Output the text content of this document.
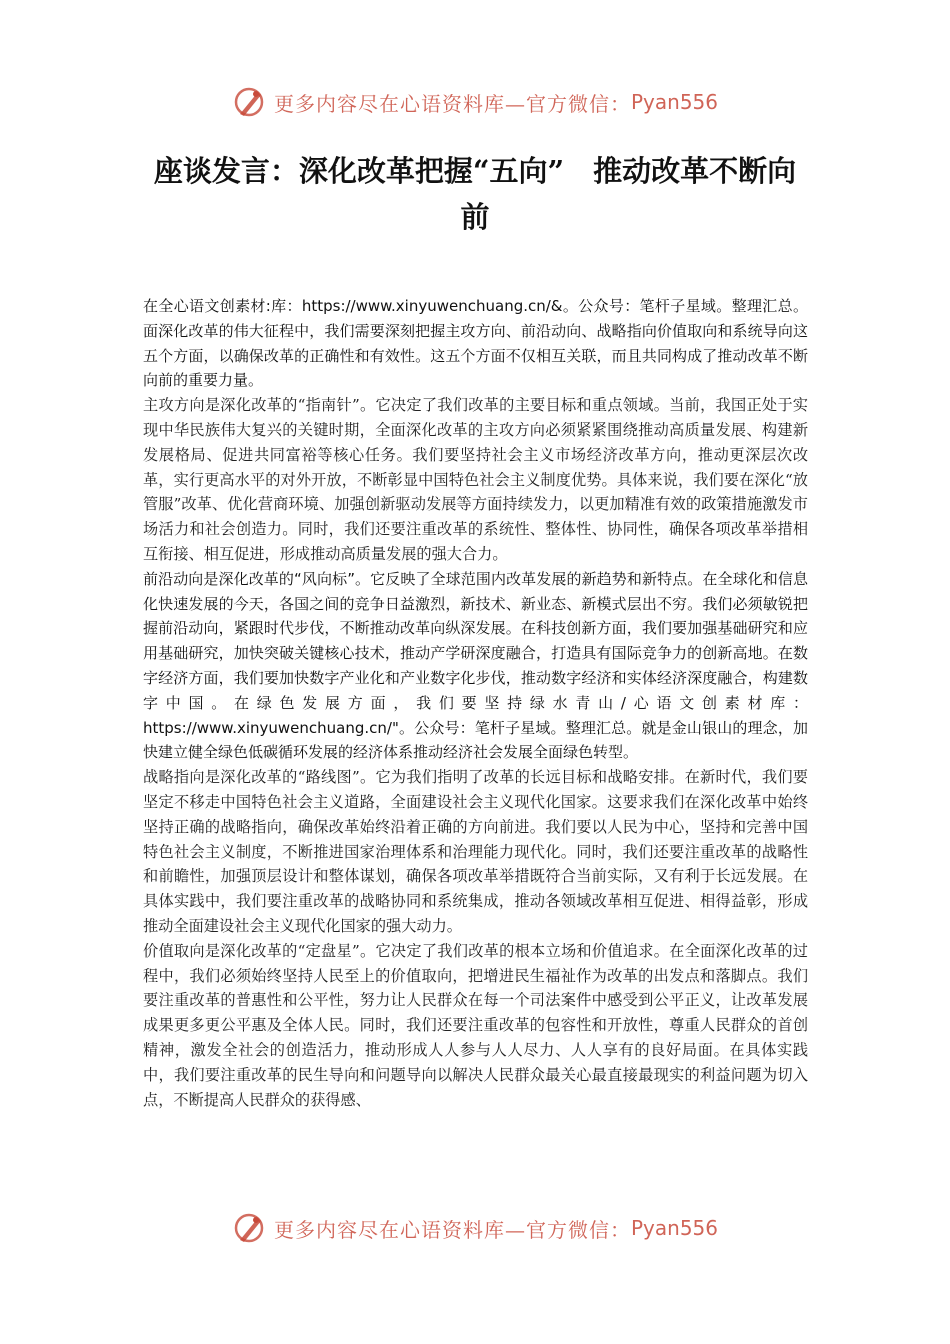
更多内容尽在心语资料库—官方微信： Pyan556
座谈发言：深化改革把握“五向”　推动改革不断向前

在全心语文创素材:库：https://www.xinyuwenchuang.cn/&。公众号：笔杆子星域。整理汇总。面深化改革的伟大征程中，我们需要深刻把握主攻方向、前沿动向、战略指向价值取向和系统导向这五个方面，以确保改革的正确性和有效性。这五个方面不仅相互关联，而且共同构成了推动改革不断向前的重要力量。

主攻方向是深化改革的“指南针”。它决定了我们改革的主要目标和重点领域。当前，我国正处于实现中华民族伟大复兴的关键时期，全面深化改革的主攻方向必须紧紧围绕推动高质量发展、构建新发展格局、促进共同富裕等核心任务。我们要坚持社会主义市场经济改革方向，推动更深层次改革，实行更高水平的对外开放，不断彰显中国特色社会主义制度优势。具体来说，我们要在深化“放管服”改革、优化营商环境、加强创新驱动发展等方面持续发力，以更加精准有效的政策措施激发市场活力和社会创造力。同时，我们还要注重改革的系统性、整体性、协同性，确保各项改革举措相互衔接、相互促进，形成推动高质量发展的强大合力。

前沿动向是深化改革的“风向标”。它反映了全球范围内改革发展的新趋势和新特点。在全球化和信息化快速发展的今天，各国之间的竞争日益激烈，新技术、新业态、新模式层出不穷。我们必须敏锐把握前沿动向，紧跟时代步伐，不断推动改革向纵深发展。在科技创新方面，我们要加强基础研究和应用基础研究，加快突破关键核心技术，推动产学研深度融合，打造具有国际竞争力的创新高地。在数字经济方面，我们要加快数字产业化和产业数字化步伐，推动数字经济和实体经济深度融合，构建数字中国。在绿色发展方面，我们要坚持绿水青山/心语文创素材库：https://www.xinyuwenchuang.cn/"。公众号：笔杆子星域。整理汇总。就是金山银山的理念，加快建立健全绿色低碳循环发展的经济体系推动经济社会发展全面绿色转型。

战略指向是深化改革的“路线图”。它为我们指明了改革的长远目标和战略安排。在新时代，我们要坚定不移走中国特色社会主义道路，全面建设社会主义现代化国家。这要求我们在深化改革中始终坚持正确的战略指向，确保改革始终沿着正确的方向前进。我们要以人民为中心，坚持和完善中国特色社会主义制度，不断推进国家治理体系和治理能力现代化。同时，我们还要注重改革的战略性和前瞻性，加强顶层设计和整体谋划，确保各项改革举措既符合当前实际，又有利于长远发展。在具体实践中，我们要注重改革的战略协同和系统集成，推动各领域改革相互促进、相得益彰，形成推动全面建设社会主义现代化国家的强大动力。

价值取向是深化改革的“定盘星”。它决定了我们改革的根本立场和价值追求。在全面深化改革的过程中，我们必须始终坚持人民至上的价值取向，把增进民生福祉作为改革的出发点和落脚点。我们要注重改革的普惠性和公平性，努力让人民群众在每一个司法案件中感受到公平正义，让改革发展成果更多更公平惠及全体人民。同时，我们还要注重改革的包容性和开放性，尊重人民群众的首创精神，激发全社会的创造活力，推动形成人人参与人人尽力、人人享有的良好局面。在具体实践中，我们要注重改革的民生导向和问题导向以解决人民群众最关心最直接最现实的利益问题为切入点，不断提高人民群众的获得感、

更多内容尽在心语资料库—官方微信： Pyan556
